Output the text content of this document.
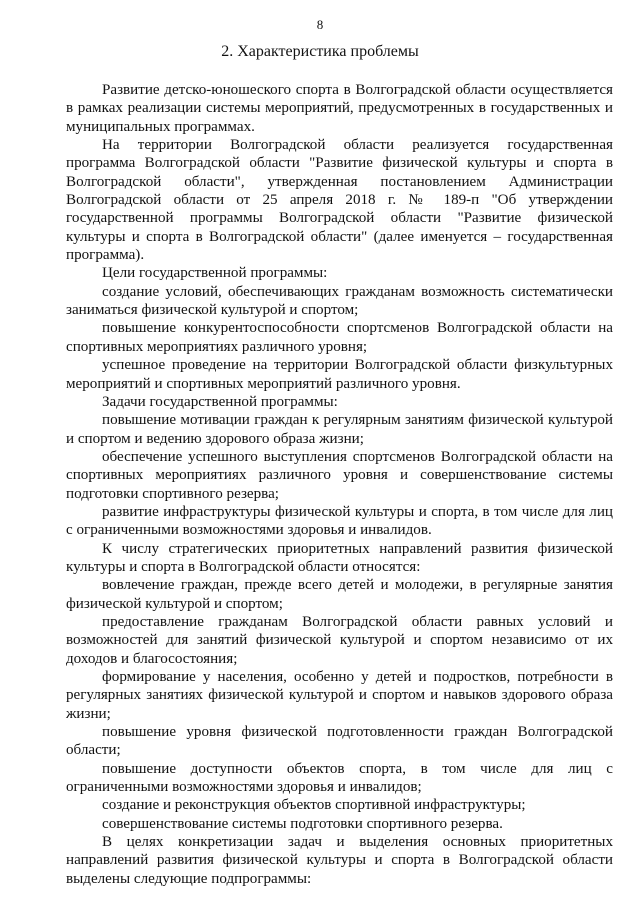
8
2. Характеристика проблемы

Развитие детско-юношеского спорта в Волгоградской области осуществляется в рамках реализации системы мероприятий, предусмотренных в государственных и муниципальных программах.

На территории Волгоградской области реализуется государственная программа Волгоградской области "Развитие физической культуры и спорта в Волгоградской области", утвержденная постановлением Администрации Волгоградской области от 25 апреля 2018 г. № 189-п "Об утверждении государственной программы Волгоградской области "Развитие физической культуры и спорта в Волгоградской области" (далее именуется – государственная программа).

Цели государственной программы:

создание условий, обеспечивающих гражданам возможность систематически заниматься физической культурой и спортом;

повышение конкурентоспособности спортсменов Волгоградской области на спортивных мероприятиях различного уровня;

успешное проведение на территории Волгоградской области физкультурных мероприятий и спортивных мероприятий различного уровня.

Задачи государственной программы:

повышение мотивации граждан к регулярным занятиям физической культурой и спортом и ведению здорового образа жизни;

обеспечение успешного выступления спортсменов Волгоградской области на спортивных мероприятиях различного уровня и совершенствование системы подготовки спортивного резерва;

развитие инфраструктуры физической культуры и спорта, в том числе для лиц с ограниченными возможностями здоровья и инвалидов.

К числу стратегических приоритетных направлений развития физической культуры и спорта в Волгоградской области относятся:

вовлечение граждан, прежде всего детей и молодежи, в регулярные занятия физической культурой и спортом;

предоставление гражданам Волгоградской области равных условий и возможностей для занятий физической культурой и спортом независимо от их доходов и благосостояния;

формирование у населения, особенно у детей и подростков, потребности в регулярных занятиях физической культурой и спортом и навыков здорового образа жизни;

повышение уровня физической подготовленности граждан Волгоградской области;

повышение доступности объектов спорта, в том числе для лиц с ограниченными возможностями здоровья и инвалидов;

создание и реконструкция объектов спортивной инфраструктуры;

совершенствование системы подготовки спортивного резерва.

В целях конкретизации задач и выделения основных приоритетных направлений развития физической культуры и спорта в Волгоградской области выделены следующие подпрограммы:
